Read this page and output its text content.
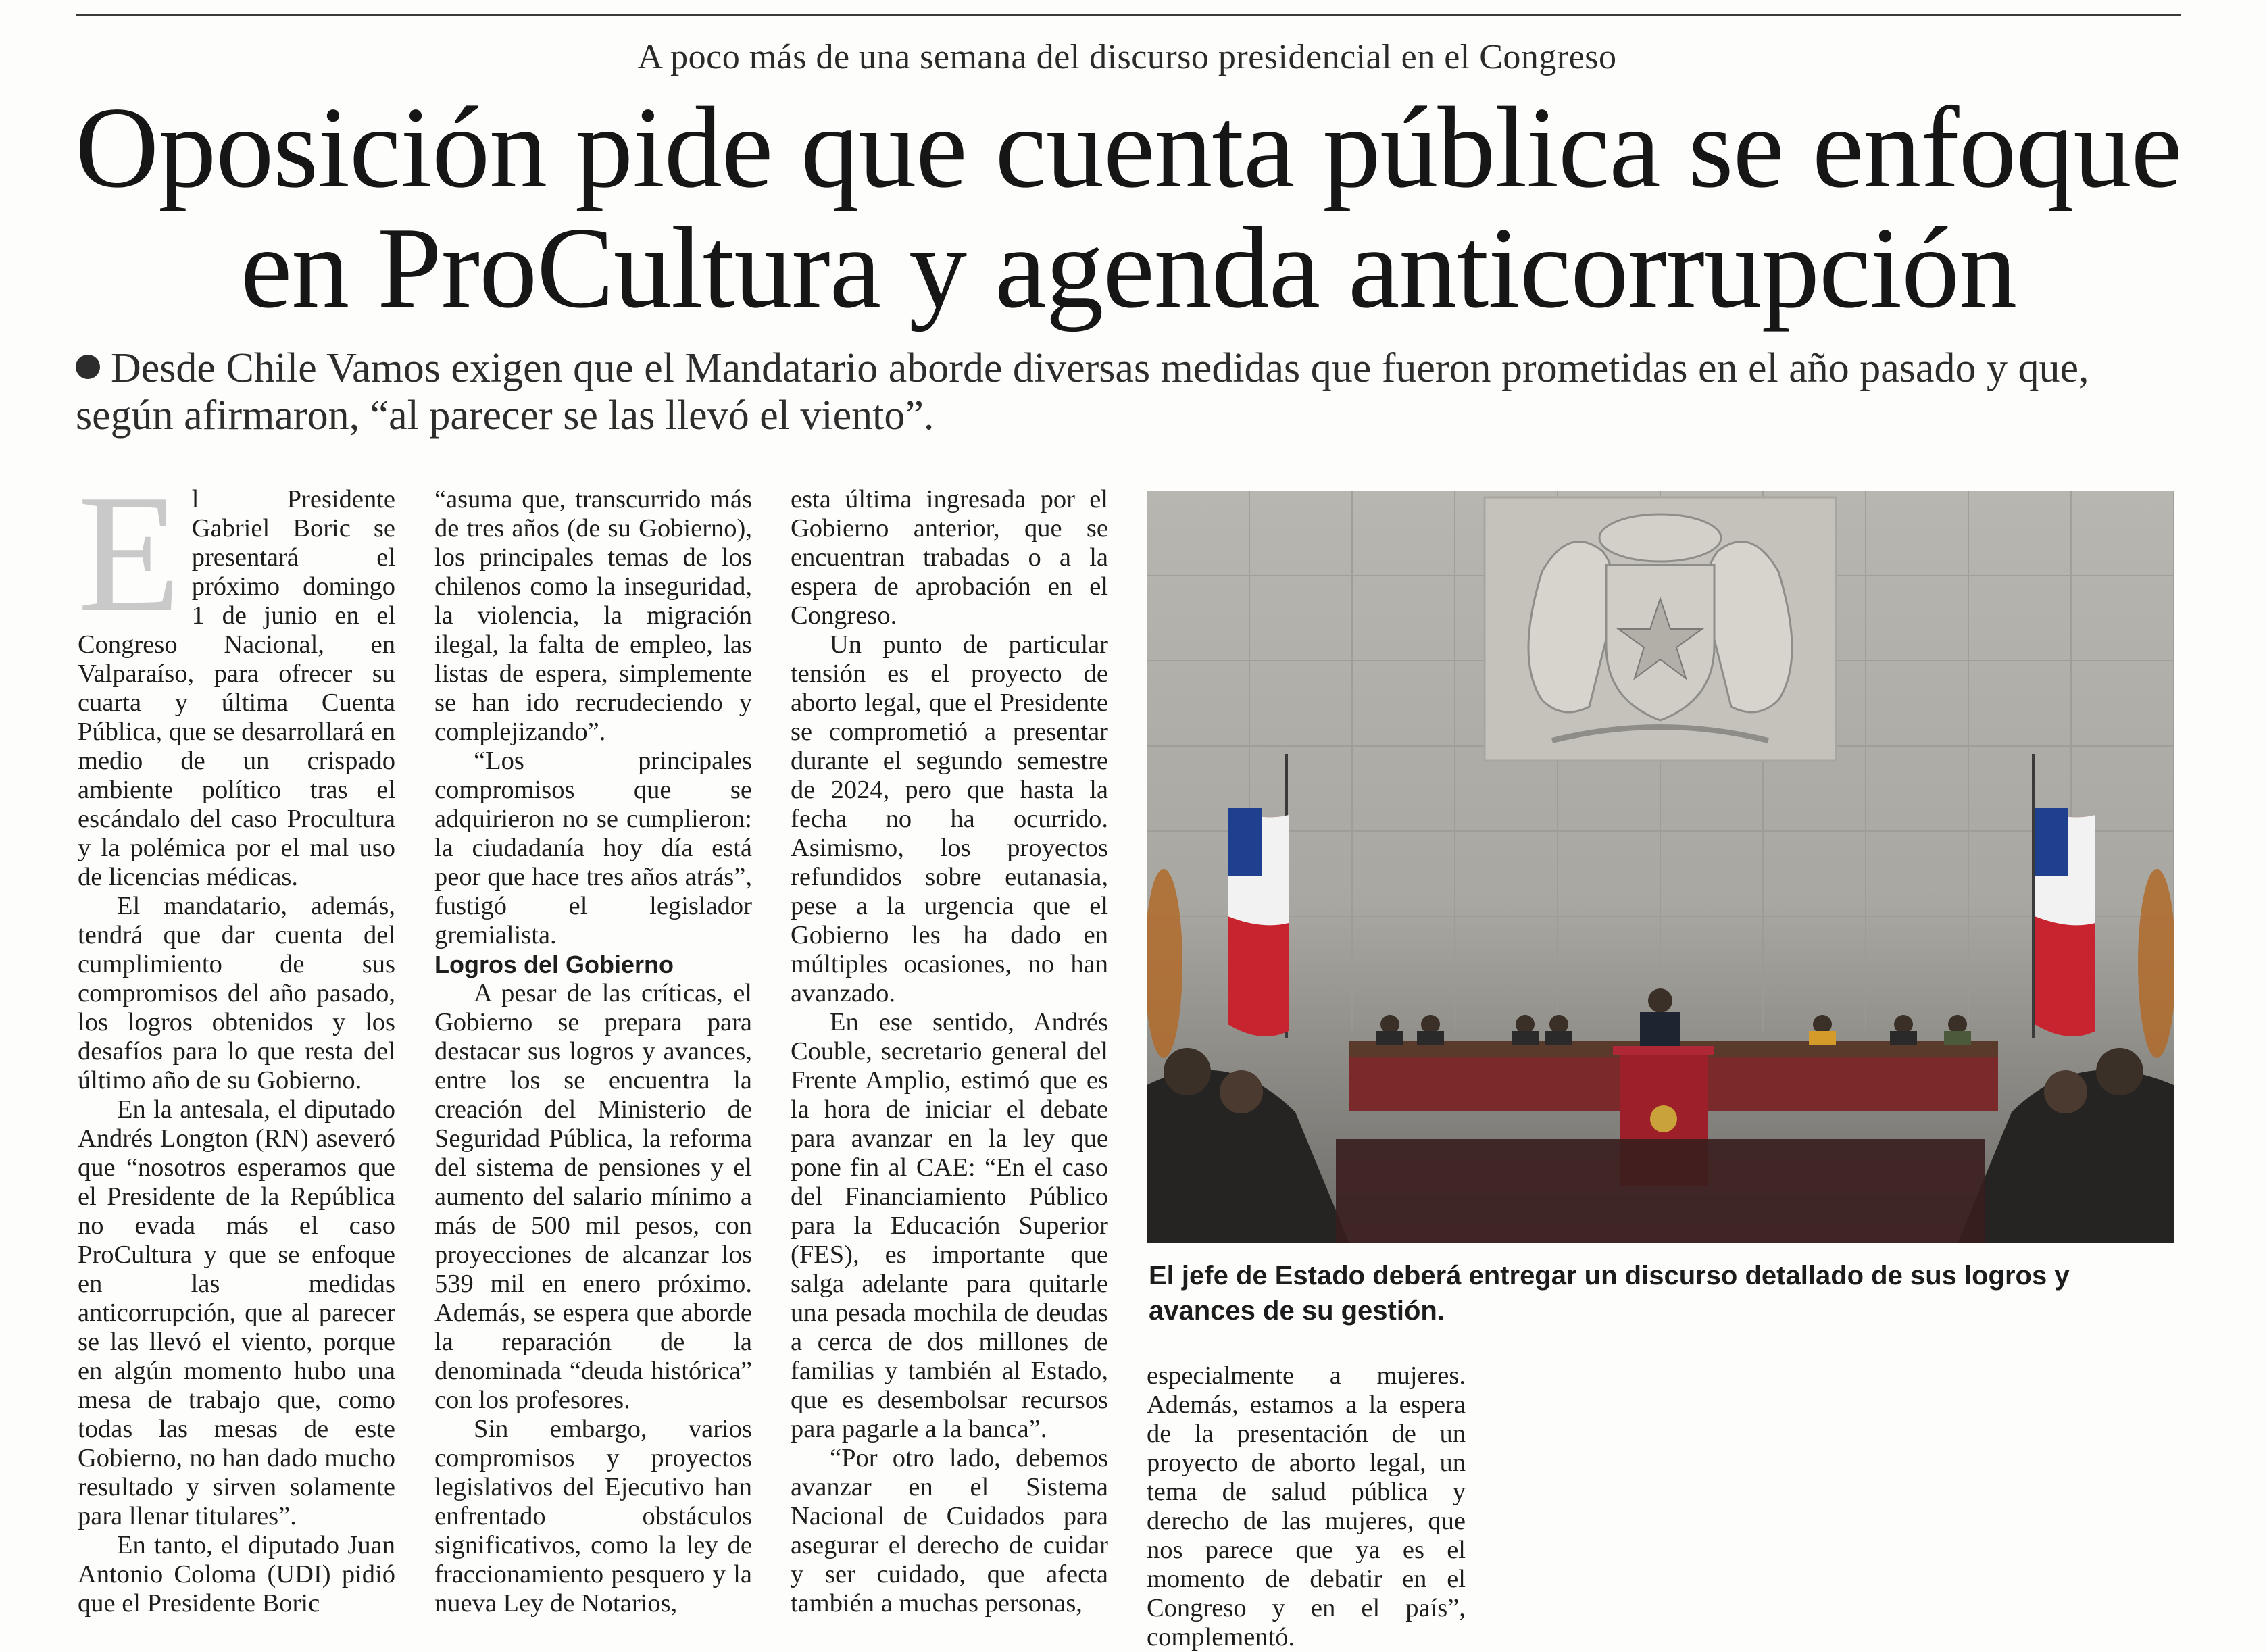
A poco más de una semana del discurso presidencial en el Congreso
Oposición pide que cuenta pública se enfoque
en ProCultura y agenda anticorrupción
Desde Chile Vamos exigen que el Mandatario aborde diversas medidas que fueron prometidas en el año pasado y que, según afirmaron, “al parecer se las llevó el viento”.

El Presidente Gabriel Boric se presentará el próximo domingo 1 de junio en el Congreso Nacional, en Valparaíso, para ofrecer su cuarta y última Cuenta Pública, que se desarrollará en medio de un crispado ambiente político tras el escándalo del caso Procultura y la polémica por el mal uso de licencias médicas.

El mandatario, además, tendrá que dar cuenta del cumplimiento de sus compromisos del año pasado, los logros obtenidos y los desafíos para lo que resta del último año de su Gobierno.

En la antesala, el diputado Andrés Longton (RN) aseveró que “nosotros esperamos que el Presidente de la República no evada más el caso ProCultura y que se enfoque en las medidas anticorrupción, que al parecer se las llevó el viento, porque en algún momento hubo una mesa de trabajo que, como todas las mesas de este Gobierno, no han dado mucho resultado y sirven solamente para llenar titulares”.

En tanto, el diputado Juan Antonio Coloma (UDI) pidió que el Presidente Boric

“asuma que, transcurrido más de tres años (de su Gobierno), los principales temas de los chilenos como la inseguridad, la violencia, la migración ilegal, la falta de empleo, las listas de espera, simplemente se han ido recrudeciendo y complejizando”.

“Los principales compromisos que se adquirieron no se cumplieron: la ciudadanía hoy día está peor que hace tres años atrás”, fustigó el legislador gremialista.

Logros del Gobierno

A pesar de las críticas, el Gobierno se prepara para destacar sus logros y avances, entre los se encuentra la creación del Ministerio de Seguridad Pública, la reforma del sistema de pensiones y el aumento del salario mínimo a más de 500 mil pesos, con proyecciones de alcanzar los 539 mil en enero próximo. Además, se espera que aborde la reparación de la denominada “deuda histórica” con los profesores.

Sin embargo, varios compromisos y proyectos legislativos del Ejecutivo han enfrentado obstáculos significativos, como la ley de fraccionamiento pesquero y la nueva Ley de Notarios,

esta última ingresada por el Gobierno anterior, que se encuentran trabadas o a la espera de aprobación en el Congreso.

Un punto de particular tensión es el proyecto de aborto legal, que el Presidente se comprometió a presentar durante el segundo semestre de 2024, pero que hasta la fecha no ha ocurrido. Asimismo, los proyectos refundidos sobre eutanasia, pese a la urgencia que el Gobierno les ha dado en múltiples ocasiones, no han avanzado.

En ese sentido, Andrés Couble, secretario general del Frente Amplio, estimó que es la hora de iniciar el debate para avanzar en la ley que pone fin al CAE: “En el caso del Financiamiento Público para la Educación Superior (FES), es importante que salga adelante para quitarle una pesada mochila de deudas a cerca de dos millones de familias y también al Estado, que es desembolsar recursos para pagarle a la banca”.

“Por otro lado, debemos avanzar en el Sistema Nacional de Cuidados para asegurar el derecho de cuidar y ser cuidado, que afecta también a muchas personas,

El jefe de Estado deberá entregar un discurso detallado de sus logros y avances de su gestión.

especialmente a mujeres. Además, estamos a la espera de la presentación de un proyecto de aborto legal, un tema de salud pública y derecho de las mujeres, que nos parece que ya es el momento de debatir en el Congreso y en el país”, complementó.
